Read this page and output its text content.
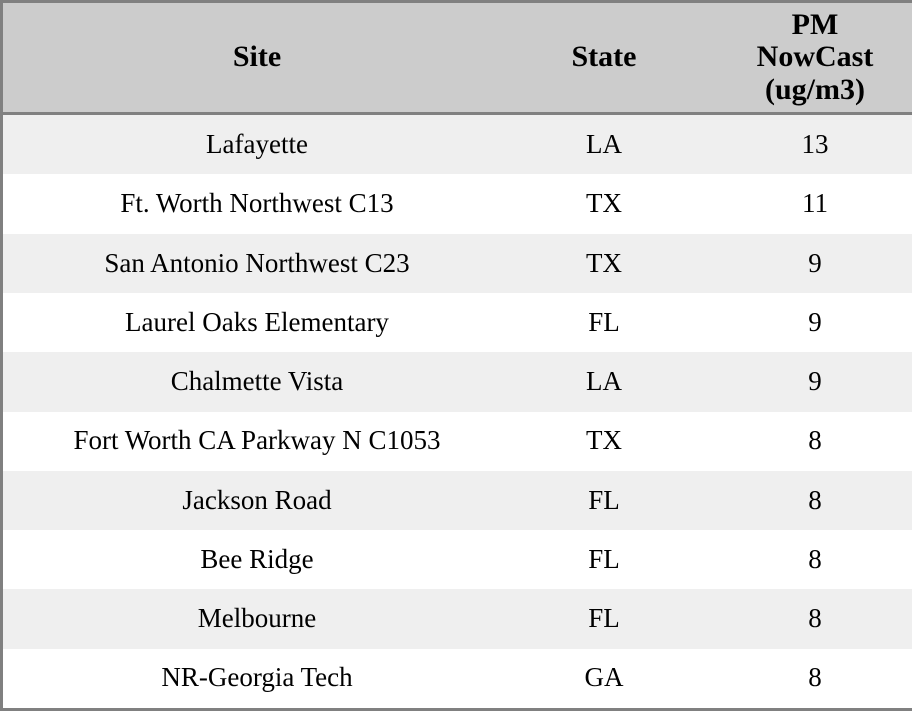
Site	State	PM
NowCast
(ug/m3)

Lafayette	LA	13
Ft. Worth Northwest C13	TX	11
San Antonio Northwest C23	TX	9
Laurel Oaks Elementary	FL	9
Chalmette Vista	LA	9
Fort Worth CA Parkway N C1053	TX	8
Jackson Road	FL	8
Bee Ridge	FL	8
Melbourne	FL	8
NR-Georgia Tech	GA	8
